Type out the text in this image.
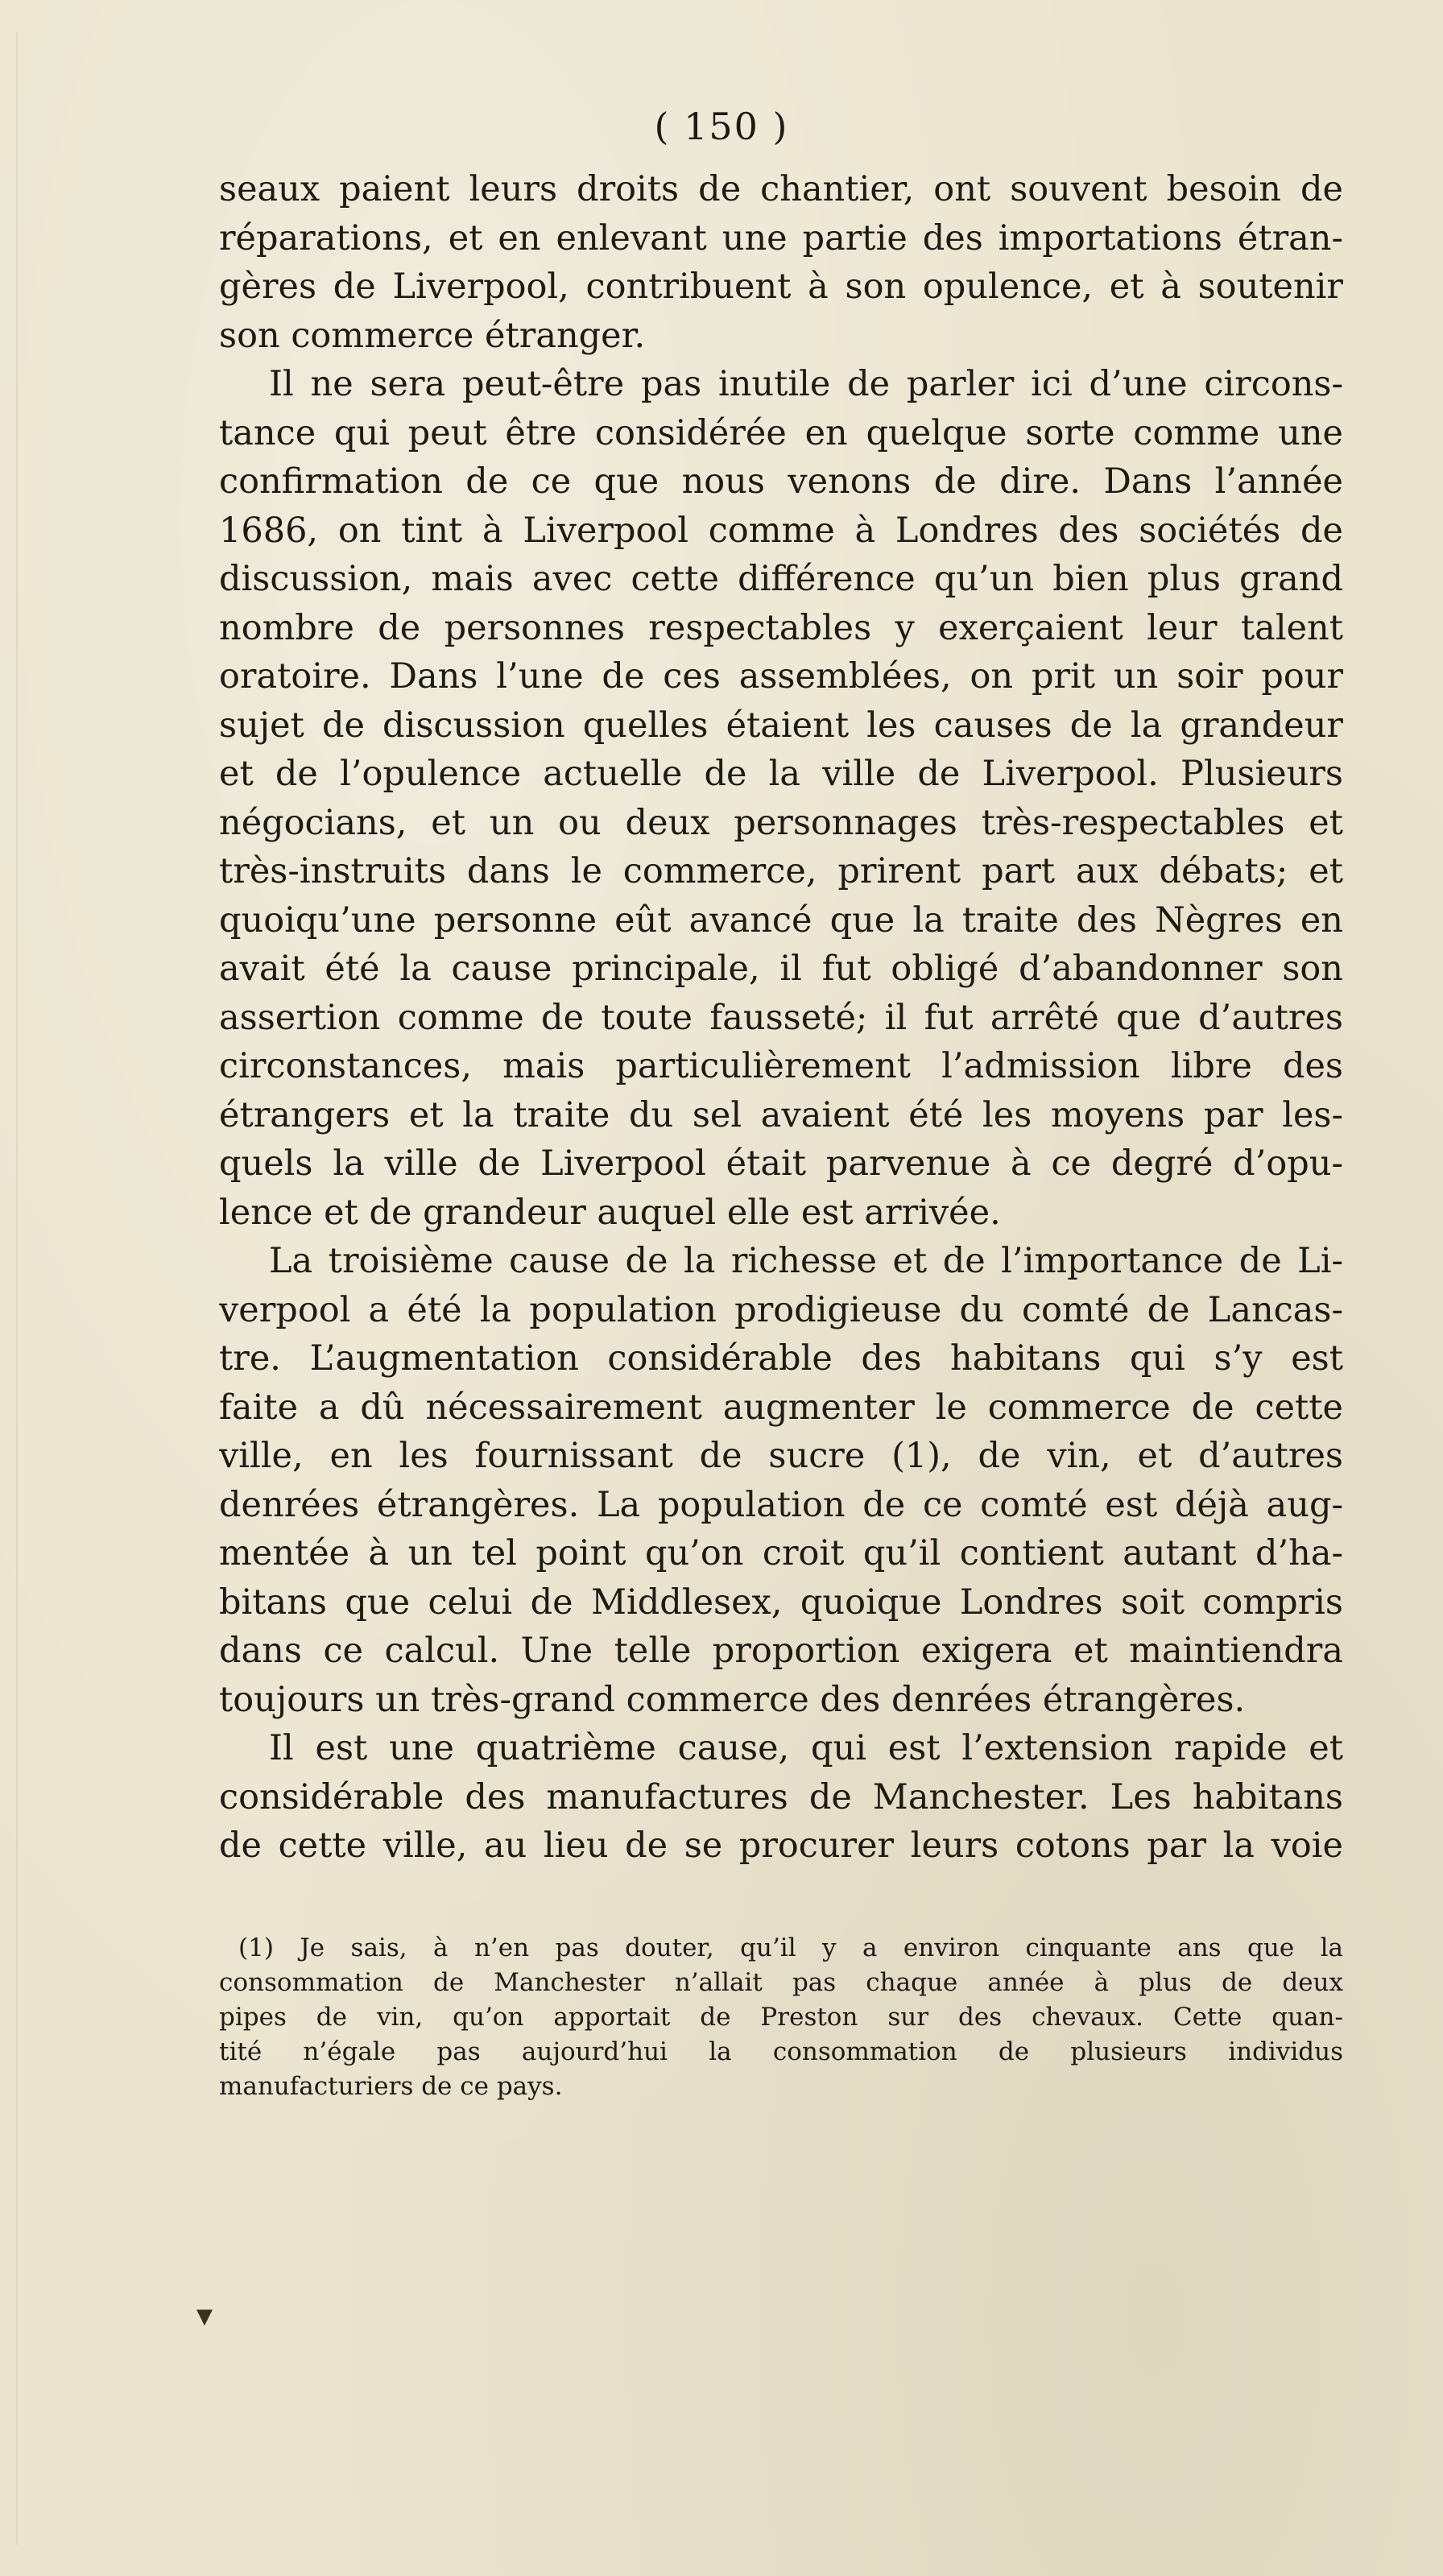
( 150 )
seaux paient leurs droits de chantier, ont souvent besoin de
réparations, et en enlevant une partie des importations étran-
gères de Liverpool, contribuent à son opulence, et à soutenir
son commerce étranger.
Il ne sera peut-être pas inutile de parler ici d’une circons-
tance qui peut être considérée en quelque sorte comme une
confirmation de ce que nous venons de dire. Dans l’année
1686, on tint à Liverpool comme à Londres des sociétés de
discussion, mais avec cette différence qu’un bien plus grand
nombre de personnes respectables y exerçaient leur talent
oratoire. Dans l’une de ces assemblées, on prit un soir pour
sujet de discussion quelles étaient les causes de la grandeur
et de l’opulence actuelle de la ville de Liverpool. Plusieurs
négocians, et un ou deux personnages très-respectables et
très-instruits dans le commerce, prirent part aux débats; et
quoiqu’une personne eût avancé que la traite des Nègres en
avait été la cause principale, il fut obligé d’abandonner son
assertion comme de toute fausseté; il fut arrêté que d’autres
circonstances, mais particulièrement l’admission libre des
étrangers et la traite du sel avaient été les moyens par les-
quels la ville de Liverpool était parvenue à ce degré d’opu-
lence et de grandeur auquel elle est arrivée.
La troisième cause de la richesse et de l’importance de Li-
verpool a été la population prodigieuse du comté de Lancas-
tre. L’augmentation considérable des habitans qui s’y est
faite a dû nécessairement augmenter le commerce de cette
ville, en les fournissant de sucre (1), de vin, et d’autres
denrées étrangères. La population de ce comté est déjà aug-
mentée à un tel point qu’on croit qu’il contient autant d’ha-
bitans que celui de Middlesex, quoique Londres soit compris
dans ce calcul. Une telle proportion exigera et maintiendra
toujours un très-grand commerce des denrées étrangères.
Il est une quatrième cause, qui est l’extension rapide et
considérable des manufactures de Manchester. Les habitans
de cette ville, au lieu de se procurer leurs cotons par la voie
(1) Je sais, à n’en pas douter, qu’il y a environ cinquante ans que la
consommation de Manchester n’allait pas chaque année à plus de deux
pipes de vin, qu’on apportait de Preston sur des chevaux. Cette quan-
tité n’égale pas aujourd’hui la consommation de plusieurs individus
manufacturiers de ce pays.
▼
